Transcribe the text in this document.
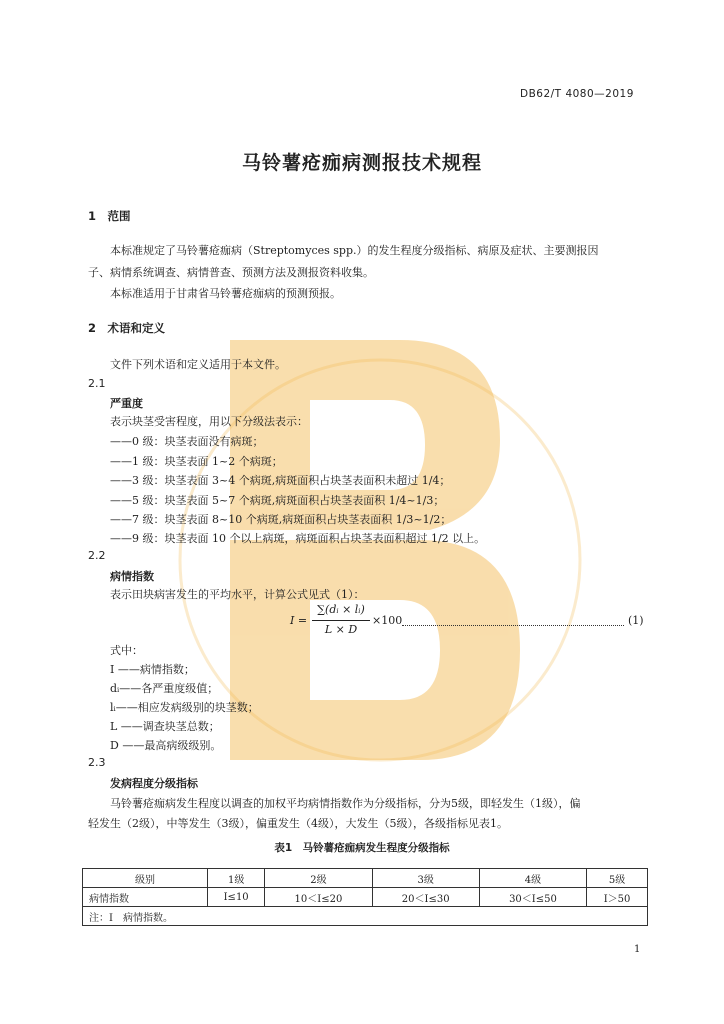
DB62/T 4080—2019
马铃薯疮痂病测报技术规程
1　范围
本标准规定了马铃薯疮痂病（Streptomyces spp.）的发生程度分级指标、病原及症状、主要测报因
子、病情系统调查、病情普查、预测方法及测报资料收集。
本标准适用于甘肃省马铃薯疮痂病的预测预报。
2　术语和定义
文件下列术语和定义适用于本文件。
2.1
严重度
表示块茎受害程度，用以下分级法表示：
——0 级：块茎表面没有病斑；
——1 级：块茎表面 1~2 个病斑；
——3 级：块茎表面 3~4 个病斑,病斑面积占块茎表面积未超过 1/4；
——5 级：块茎表面 5~7 个病斑,病斑面积占块茎表面积 1/4~1/3；
——7 级：块茎表面 8~10 个病斑,病斑面积占块茎表面积 1/3~1/2；
——9 级：块茎表面 10 个以上病斑，病斑面积占块茎表面积超过 1/2 以上。
2.2
病情指数
表示田块病害发生的平均水平，计算公式见式（1）：
I =
∑(dᵢ × lᵢ)
L × D
×100	(1)
式中：
I ——病情指数；
dᵢ——各严重度级值；
lᵢ——相应发病级别的块茎数；
L ——调查块茎总数；
D ——最高病级级别。
2.3
发病程度分级指标
马铃薯疮痂病发生程度以调查的加权平均病情指数作为分级指标，分为5级，即轻发生（1级），偏
轻发生（2级），中等发生（3级），偏重发生（4级），大发生（5级），各级指标见表1。
表1　马铃薯疮痂病发生程度分级指标
级别	1级	2级	3级	4级	5级
病情指数	I≤10	10＜I≤20	20＜I≤30	30＜I≤50	I＞50
注：I　病情指数。					
1
